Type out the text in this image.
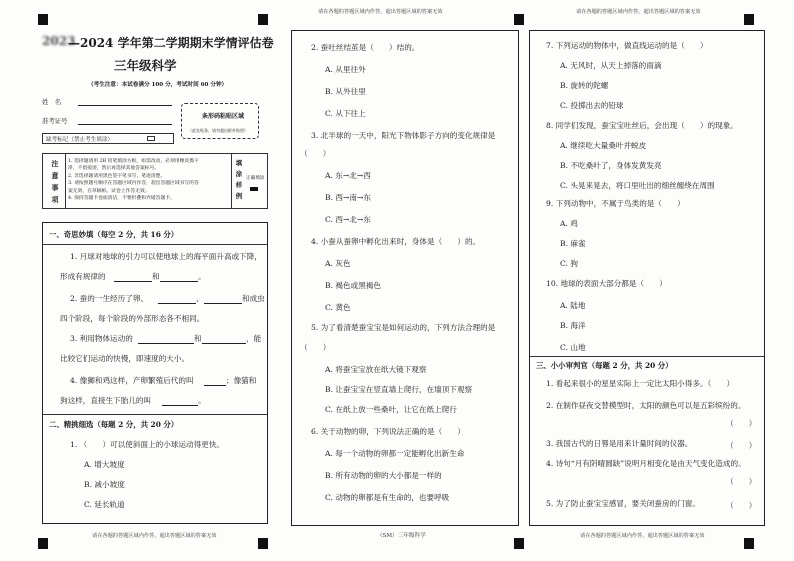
请在各题的答题区域内作答，超出答题区域的答案无效	请在各题的答题区域内作答，超出答题区域的答案无效
请在各题的答题区域内作答，超出答题区域的答案无效	请在各题的答题区域内作答，超出答题区域的答案无效
（SM）三年级科学
2023—2024 学年第二学期期末学情评估卷
三年级科学
（考生注意：本试卷满分 100 分，考试时间 60 分钟）
姓　名
准考证号
缺考标记（禁止考生填涂）
条形码粘贴区域
（此处贴条，请勿超出框外贴图）
注
意
事
项
1. 选择题请用 2B 铅笔填涂方框，如需改动，必须用橡皮擦干
净，不留痕迹，然后再选择其他答案标号。
2. 非选择题请用黑色签字笔书写，笔迹清楚。
3. 请按照题号顺序在答题区域内作答，超出答题区域书写的答
案无效，在草稿纸、试卷上作答无效。
4. 保持答题卡卷面清洁，不要折叠和弄破答题卡。
填
涂
样
例
正确填涂
一、奇思妙填（每空 2 分，共 16 分）
1. 月球对地球的引力可以使地球上的海平面升高或下降，
形成有规律的	和	。
2. 蚕的一生经历了卵、	、	和成虫
四个阶段，每个阶段的外部形态各不相同。
3. 利用物体运动的	和	，能
比较它们运动的快慢，即速度的大小。
4. 像狮和鸡这样，产卵繁殖后代的叫	；像猫和
狗这样，直接生下胎儿的叫	。
二、精挑细选（每题 2 分，共 20 分）
1. （　　）可以使斜面上的小球运动得更快。
A. 增大坡度
B. 减小坡度
C. 延长轨道
2. 蚕吐丝结茧是（　　）结的。
A. 从里往外
B. 从外往里
C. 从下往上
3. 北半球的一天中，阳光下物体影子方向的变化规律是
（　　）
A. 东→北→西
B. 西→南→东
C. 西→北→东
4. 小蚕从蚕卵中孵化出来时，身体是（　　）的。
A. 灰色
B. 褐色或黑褐色
C. 黄色
5. 为了看清楚蚕宝宝是如何运动的，下列方法合理的是
（　　）
A. 将蚕宝宝放在纸大镜下观察
B. 让蚕宝宝在竖直墙上爬行，在墙顶下观察
C. 在纸上放一些桑叶，让它在纸上爬行
6. 关于动物的卵，下列说法正确的是（　　）
A. 每一个动物的卵都一定能孵化出新生命
B. 所有动物的卵的大小都是一样的
C. 动物的卵都是有生命的，也要呼吸
7. 下列运动的物体中，做直线运动的是（　　）
A. 无风时，从天上掉落的雨滴
B. 旋转的陀螺
C. 投掷出去的铅球
8. 同学们发现，蚕宝宝吐丝后，会出现（　　）的现象。
A. 继续吃大量桑叶并蜕皮
B. 不吃桑叶了，身体发黄发亮
C. 头晃来晃去，将口里吐出的细丝缠绕在周围
9. 下列动物中，不属于鸟类的是（　　）
A. 鸡
B. 麻雀
C. 狗
10. 地球的表面大部分都是（　　）
A. 陆地
B. 海洋
C. 山地
三、小小审判官（每题 2 分，共 20 分）
1. 看起来很小的星星实际上一定比太阳小得多。（　　）
2. 在制作昼夜交替模型时，太阳的颜色可以是五彩缤纷的。
（　　）
3. 我国古代的日晷是用来计量时间的仪器。	（　　）
4. 诗句“月有阴晴圆缺”说明月相变化是由天气变化造成的。
（　　）
5. 为了防止蚕宝宝感冒，要关闭蚕房的门窗。	（　　）
